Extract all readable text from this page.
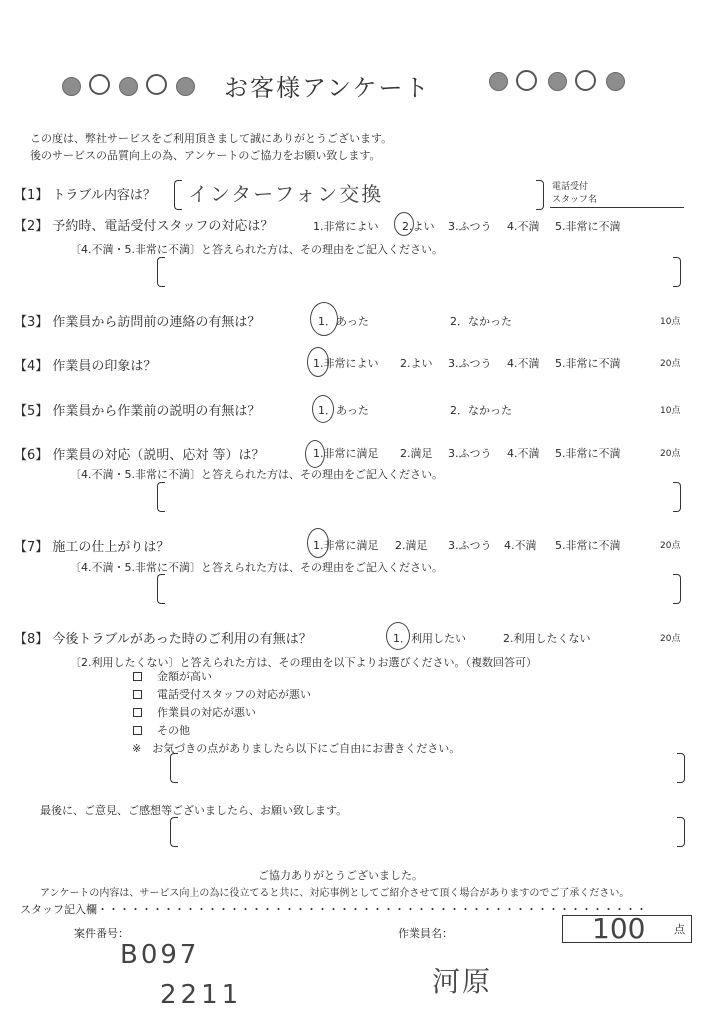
お客様アンケート
この度は、弊社サービスをご利用頂きまして誠にありがとうございます。
後のサービスの品質向上の為、アンケートのご協力をお願い致します。
【1】 トラブル内容は？ インターフォン交換	電話受付
スタッフ名
【2】 予約時、電話受付スタッフの対応は？	1.非常によい 2.よい 3.ふつう 4.不満 5.非常に不満
〔4.不満・5.非常に不満〕と答えられた方は、その理由をご記入ください。
【3】 作業員から訪問前の連絡の有無は？	1．あった	2．なかった	10点
【4】 作業員の印象は？	1.非常によい 2.よい 3.ふつう 4.不満 5.非常に不満	20点
【5】 作業員から作業前の説明の有無は？	1．あった	2．なかった	10点
【6】 作業員の対応（説明、応対 等）は？	1.非常に満足 2.満足 3.ふつう 4.不満 5.非常に不満	20点
〔4.不満・5.非常に不満〕と答えられた方は、その理由をご記入ください。
【7】 施工の仕上がりは？	1.非常に満足 2.満足 3.ふつう 4.不満 5.非常に不満	20点
〔4.不満・5.非常に不満〕と答えられた方は、その理由をご記入ください。
【8】 今後トラブルがあった時のご利用の有無は？	1．利用したい	2.利用したくない	20点
〔2.利用したくない〕と答えられた方は、その理由を以下よりお選びください。（複数回答可）
金額が高い
電話受付スタッフの対応が悪い
作業員の対応が悪い
その他
※　お気づきの点がありましたら以下にご自由にお書きください。
最後に、ご意見、ご感想等ございましたら、お願い致します。
ご協力ありがとうございました。
アンケートの内容は、サービス向上の為に役立てると共に、対応事例としてご紹介させて頂く場合がありますのでご了承ください。
スタッフ記入欄・・・・・・・・・・・・・・・・・・・・・・・・・・・・・・・・・・・・・・・・・・・・・・・・・・
案件番号：
B097
2211
作業員名：
河原
100	点
